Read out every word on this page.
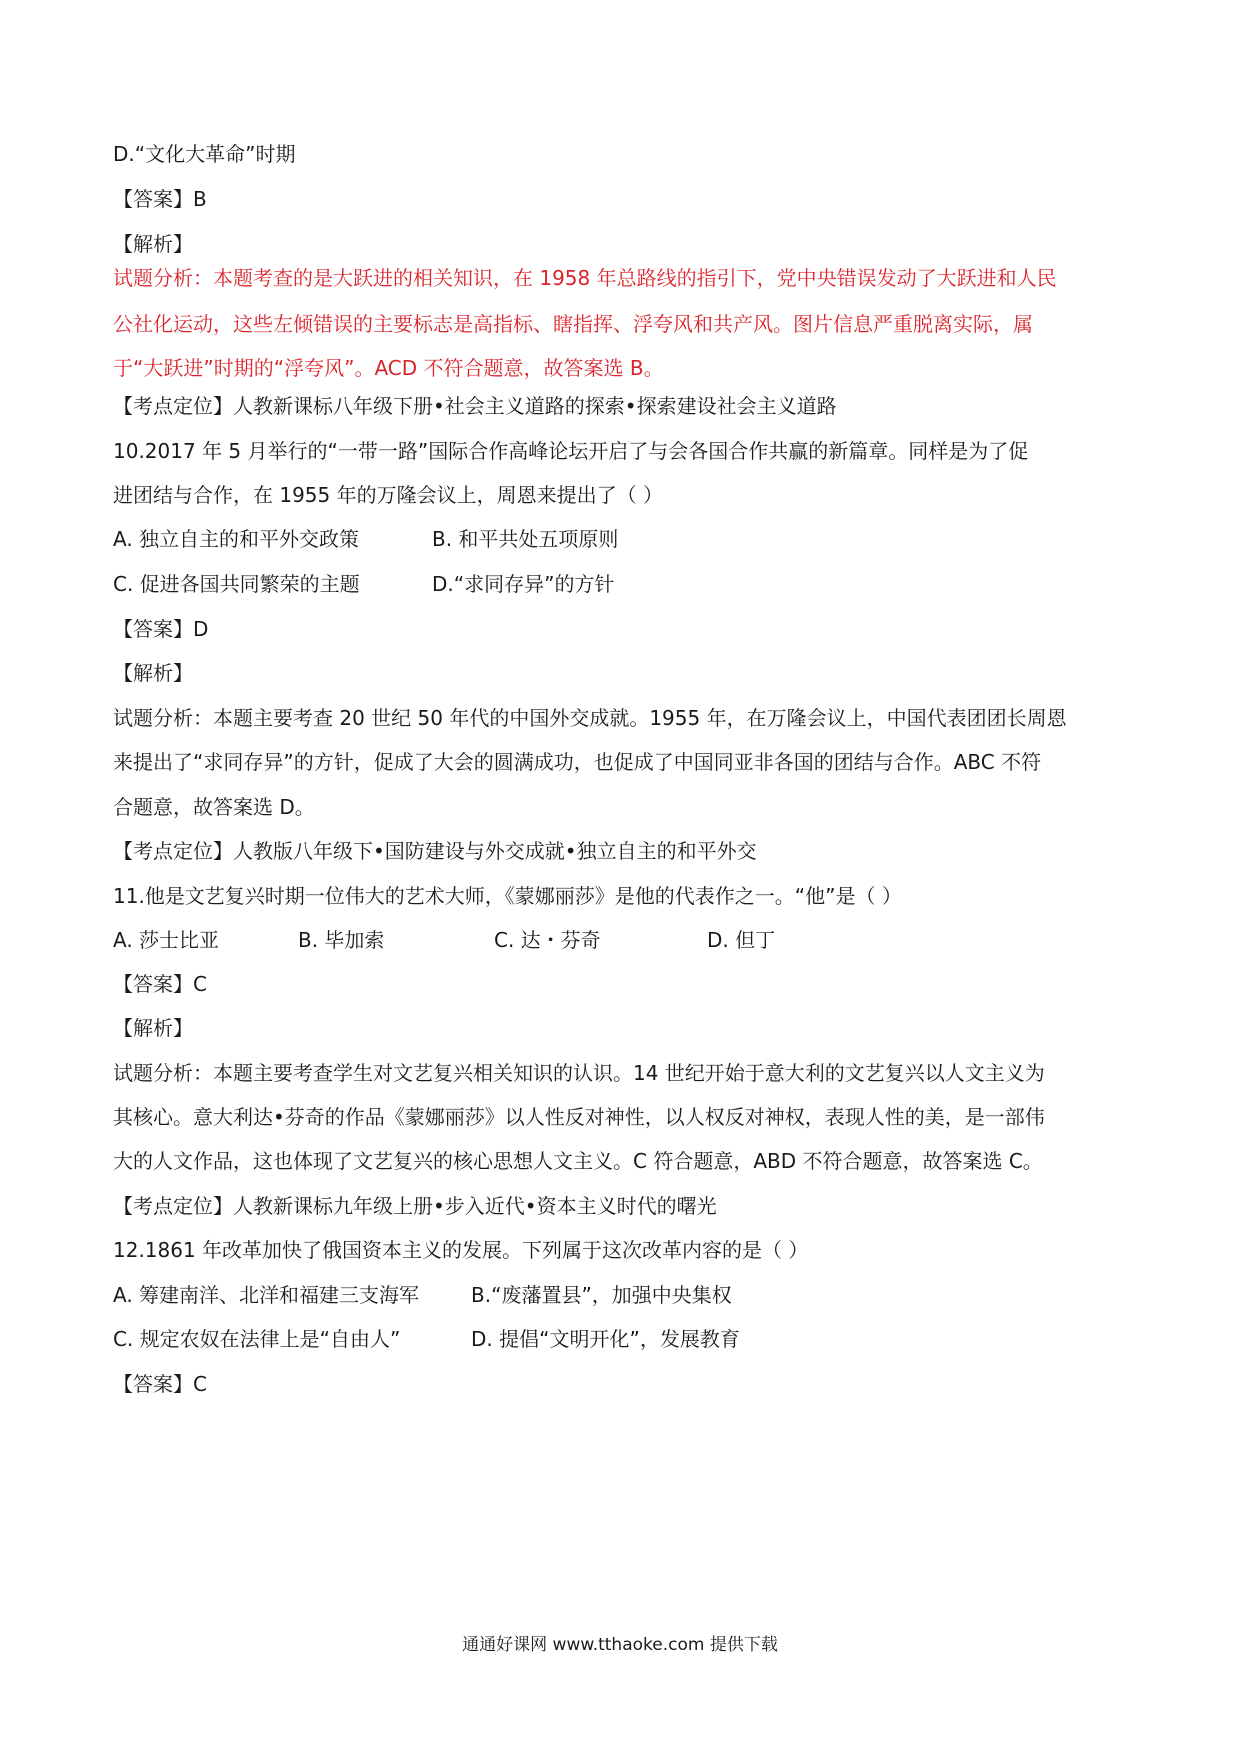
D.“文化大革命”时期
【答案】B
【解析】
试题分析：本题考查的是大跃进的相关知识，在 1958 年总路线的指引下，党中央错误发动了大跃进和人民
公社化运动，这些左倾错误的主要标志是高指标、瞎指挥、浮夸风和共产风。图片信息严重脱离实际，属
于“大跃进”时期的“浮夸风”。ACD 不符合题意，故答案选 B。
【考点定位】人教新课标八年级下册•社会主义道路的探索•探索建设社会主义道路
10.2017 年 5 月举行的“一带一路”国际合作高峰论坛开启了与会各国合作共赢的新篇章。同样是为了促
进团结与合作，在 1955 年的万隆会议上，周恩来提出了（ ）
A. 独立自主的和平外交政策	B. 和平共处五项原则
C. 促进各国共同繁荣的主题	D.“求同存异”的方针
【答案】D
【解析】
试题分析：本题主要考查 20 世纪 50 年代的中国外交成就。1955 年，在万隆会议上，中国代表团团长周恩
来提出了“求同存异”的方针，促成了大会的圆满成功，也促成了中国同亚非各国的团结与合作。ABC 不符
合题意，故答案选 D。
【考点定位】人教版八年级下•国防建设与外交成就•独立自主的和平外交
11.他是文艺复兴时期一位伟大的艺术大师，《蒙娜丽莎》是他的代表作之一。“他”是（ ）
A. 莎士比亚	B. 毕加索	C. 达・芬奇	D. 但丁
【答案】C
【解析】
试题分析：本题主要考查学生对文艺复兴相关知识的认识。14 世纪开始于意大利的文艺复兴以人文主义为
其核心。意大利达•芬奇的作品《蒙娜丽莎》以人性反对神性，以人权反对神权，表现人性的美，是一部伟
大的人文作品，这也体现了文艺复兴的核心思想人文主义。C 符合题意，ABD 不符合题意，故答案选 C。
【考点定位】人教新课标九年级上册•步入近代•资本主义时代的曙光
12.1861 年改革加快了俄国资本主义的发展。下列属于这次改革内容的是（ ）
A. 筹建南洋、北洋和福建三支海军	B.“废藩置县”，加强中央集权
C. 规定农奴在法律上是“自由人”	D. 提倡“文明开化”，发展教育
【答案】C
通通好课网 www.tthaoke.com 提供下载
